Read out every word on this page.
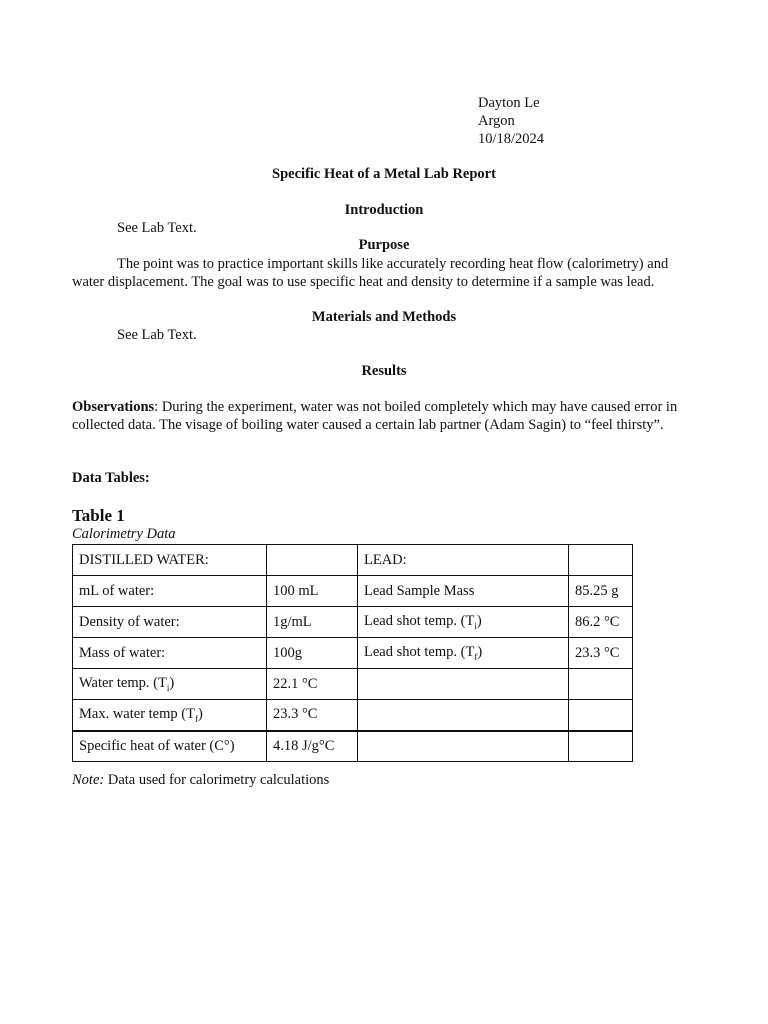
Dayton Le
Argon
10/18/2024
Specific Heat of a Metal Lab Report
Introduction
See Lab Text.
Purpose
The point was to practice important skills like accurately recording heat flow (calorimetry) and water displacement. The goal was to use specific heat and density to determine if a sample was lead.
Materials and Methods
See Lab Text.
Results
Observations: During the experiment, water was not boiled completely which may have caused error in collected data. The visage of boiling water caused a certain lab partner (Adam Sagin) to “feel thirsty”.
Data Tables:
Table 1
Calorimetry Data
DISTILLED WATER:		LEAD:	
mL of water:	100 mL	Lead Sample Mass	85.25 g
Density of water:	1g/mL	Lead shot temp. $(T_i)$	86.2 °C
Mass of water:	100g	Lead shot temp. $(T_f)$	23.3 °C
Water temp. $(T_i)$	22.1 °C		
Max. water temp $(T_f)$	23.3 °C		
Specific heat of water (C°)	4.18 J/g°C		
Note: Data used for calorimetry calculations
